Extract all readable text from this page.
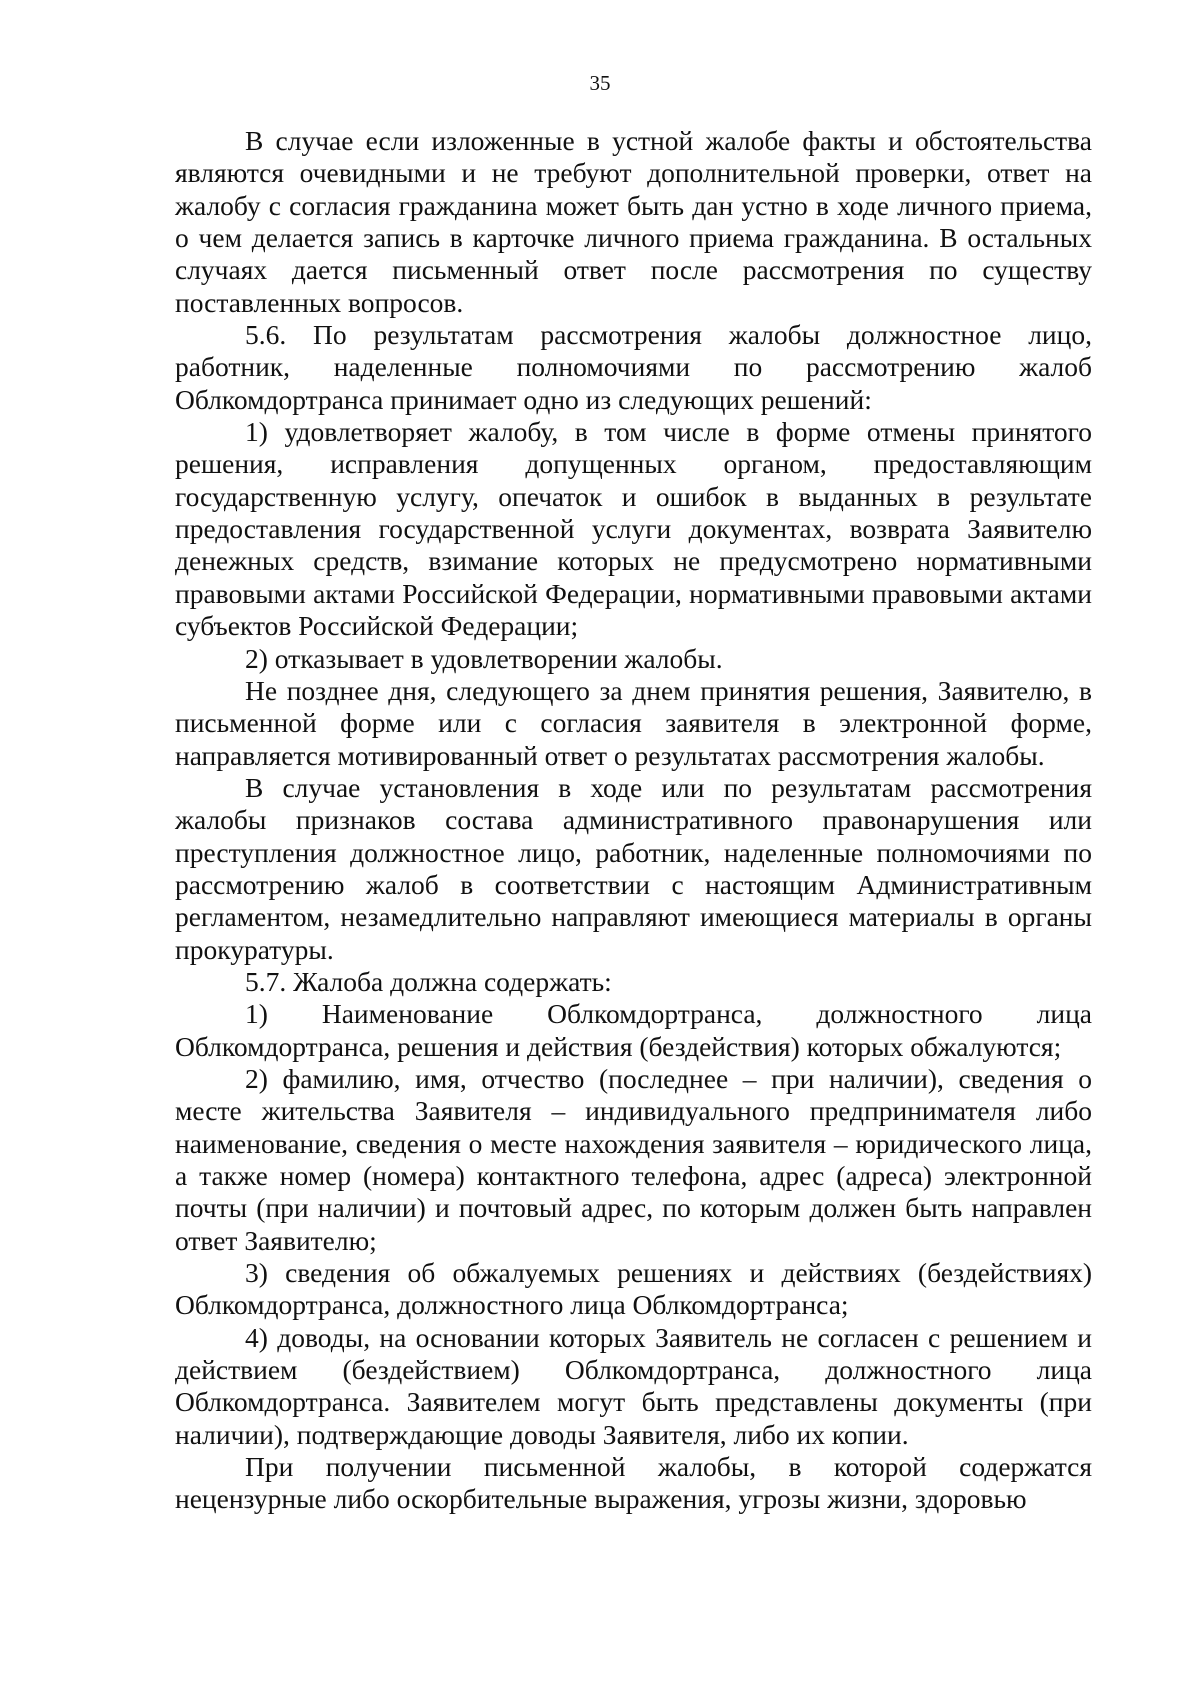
35

В случае если изложенные в устной жалобе факты и обстоятельства являются очевидными и не требуют дополнительной проверки, ответ на жалобу с согласия гражданина может быть дан устно в ходе личного приема, о чем делается запись в карточке личного приема гражданина. В остальных случаях дается письменный ответ после рассмотрения по существу поставленных вопросов.

5.6. По результатам рассмотрения жалобы должностное лицо, работник, наделенные полномочиями по рассмотрению жалоб Облкомдортранса принимает одно из следующих решений:

1) удовлетворяет жалобу, в том числе в форме отмены принятого решения, исправления допущенных органом, предоставляющим государственную услугу, опечаток и ошибок в выданных в результате предоставления государственной услуги документах, возврата Заявителю денежных средств, взимание которых не предусмотрено нормативными правовыми актами Российской Федерации, нормативными правовыми актами субъектов Российской Федерации;

2) отказывает в удовлетворении жалобы.

Не позднее дня, следующего за днем принятия решения, Заявителю, в письменной форме или с согласия заявителя в электронной форме, направляется мотивированный ответ о результатах рассмотрения жалобы.

В случае установления в ходе или по результатам рассмотрения жалобы признаков состава административного правонарушения или преступления должностное лицо, работник, наделенные полномочиями по рассмотрению жалоб в соответствии с настоящим Административным регламентом, незамедлительно направляют имеющиеся материалы в органы прокуратуры.

5.7. Жалоба должна содержать:

1) Наименование Облкомдортранса, должностного лица Облкомдортранса, решения и действия (бездействия) которых обжалуются;

2) фамилию, имя, отчество (последнее – при наличии), сведения о месте жительства Заявителя – индивидуального предпринимателя либо наименование, сведения о месте нахождения заявителя – юридического лица, а также номер (номера) контактного телефона, адрес (адреса) электронной почты (при наличии) и почтовый адрес, по которым должен быть направлен ответ Заявителю;

3) сведения об обжалуемых решениях и действиях (бездействиях) Облкомдортранса, должностного лица Облкомдортранса;

4) доводы, на основании которых Заявитель не согласен с решением и действием (бездействием) Облкомдортранса, должностного лица Облкомдортранса. Заявителем могут быть представлены документы (при наличии), подтверждающие доводы Заявителя, либо их копии.

При получении письменной жалобы, в которой содержатся нецензурные либо оскорбительные выражения, угрозы жизни, здоровью
